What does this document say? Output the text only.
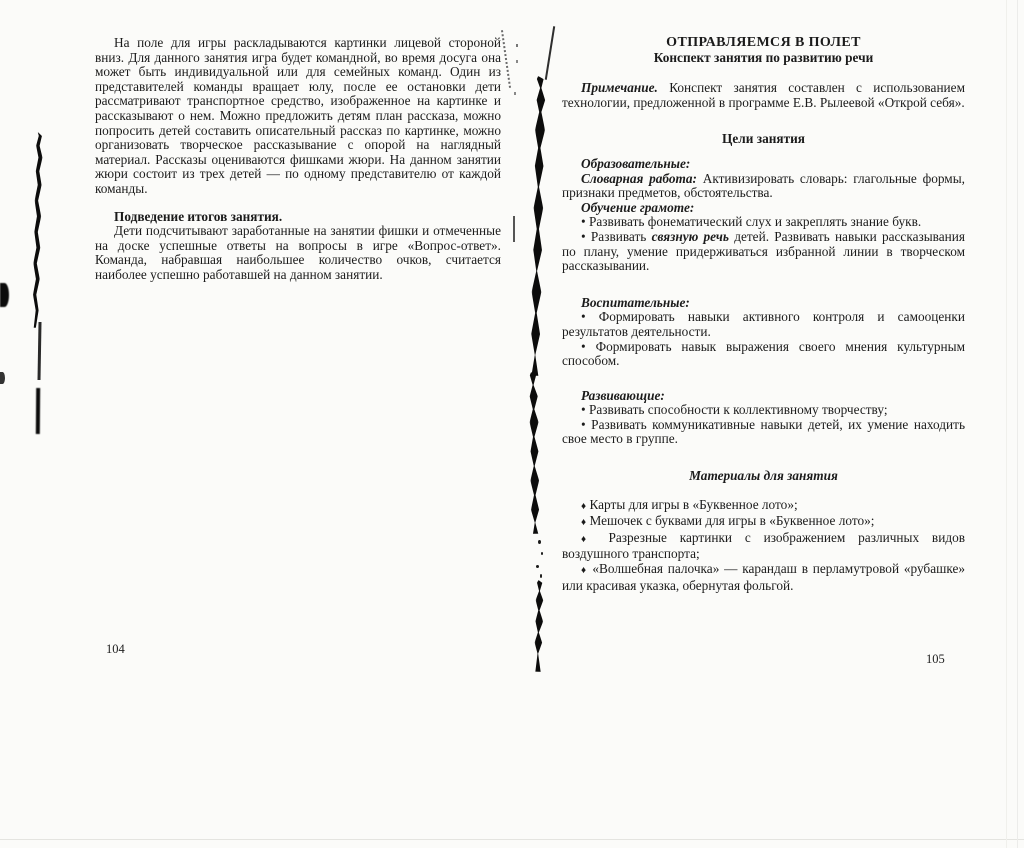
На поле для игры раскладываются картинки лицевой стороной вниз. Для данного занятия игра будет командной, во время досуга она может быть индивидуальной или для семейных команд. Один из представителей команды вращает юлу, после ее остановки дети рассматривают транспортное средство, изображенное на картинке и рассказывают о нем. Можно предложить детям план рассказа, можно попросить детей составить описательный рассказ по картинке, можно организовать творческое рассказывание с опорой на наглядный материал. Рассказы оцениваются фишками жюри. На данном занятии жюри состоит из трех детей — по одному представителю от каждой команды.

Подведение итогов занятия.

Дети подсчитывают заработанные на занятии фишки и отмеченные на доске успешные ответы на вопросы в игре «Вопрос-ответ». Команда, набравшая наибольшее количество очков, считается наиболее успешно работавшей на данном занятии.

104

ОТПРАВЛЯЕМСЯ В ПОЛЕТ

Конспект занятия по развитию речи

Примечание. Конспект занятия составлен с использованием технологии, предложенной в программе Е.В. Рылеевой «Открой себя».

Цели занятия

Образовательные:

Словарная работа: Активизировать словарь: глагольные формы, признаки предметов, обстоятельства.

Обучение грамоте:

• Развивать фонематический слух и закреплять знание букв.

• Развивать связную речь детей. Развивать навыки рассказывания по плану, умение придерживаться избранной линии в творческом рассказывании.

Воспитательные:

• Формировать навыки активного контроля и самооценки результатов деятельности.

• Формировать навык выражения своего мнения культурным способом.

Развивающие:

• Развивать способности к коллективному творчеству;

• Развивать коммуникативные навыки детей, их умение находить свое место в группе.

Материалы для занятия

♦ Карты для игры в «Буквенное лото»;

♦ Мешочек с буквами для игры в «Буквенное лото»;

♦ Разрезные картинки с изображением различных видов воздушного транспорта;

♦ «Волшебная палочка» — карандаш в перламутровой «рубашке» или красивая указка, обернутая фольгой.

105
